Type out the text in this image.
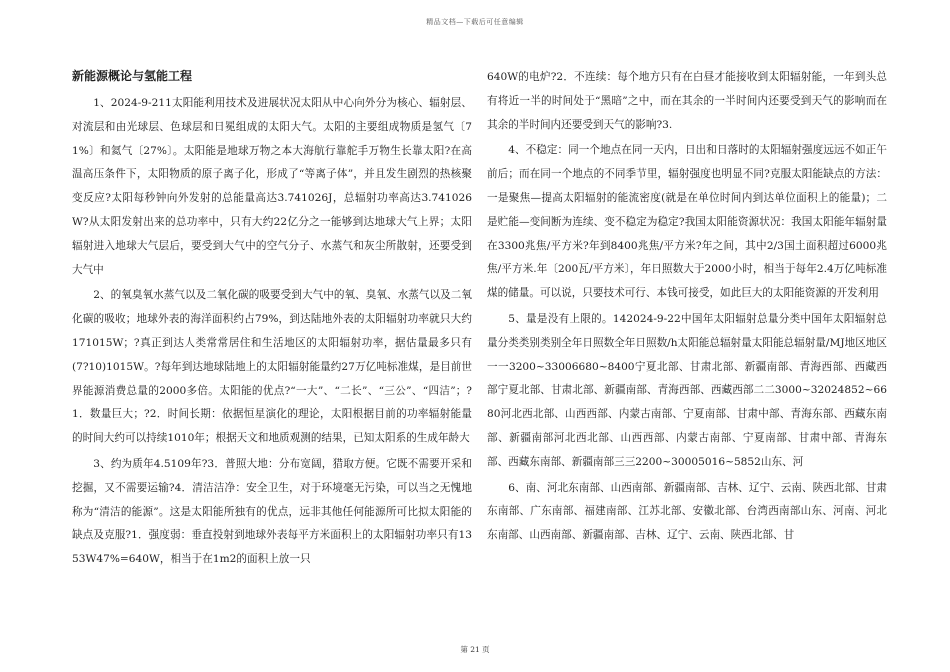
精品文档—下载后可任意编辑
新能源概论与氢能工程

1、2024-9-211太阳能利用技术及进展状况太阳从中心向外分为核心、辐射层、对流层和由光球层、色球层和日冕组成的太阳大气。太阳的主要组成物质是氢气〔71%〕和氦气〔27%〕。太阳能是地球万物之本大海航行靠舵手万物生长靠太阳?在高温高压条件下，太阳物质的原子离子化，形成了“等离子体”，并且发生剧烈的热核聚变反应?太阳每秒钟向外发射的总能量高达3.741026J，总辐射功率高达3.741026W?从太阳发射出来的总功率中，只有大约22亿分之一能够到达地球大气上界；太阳辐射进入地球大气层后，要受到大气中的空气分子、水蒸气和灰尘所散射，还要受到大气中

2、的氧臭氧水蒸气以及二氧化碳的吸要受到大气中的氧、臭氧、水蒸气以及二氧化碳的吸收；地球外表的海洋面积约占79%，到达陆地外表的太阳辐射功率就只大约171015W；?真正到达人类常常居住和生活地区的太阳辐射功率，据估量最多只有(7?10)1015W。?每年到达地球陆地上的太阳辐射能量约27万亿吨标准煤，是目前世界能源消费总量的2000多倍。太阳能的优点?“一大”、“二长”、“三公”、“四洁”；?1．数量巨大；?2．时间长期：依据恒星演化的理论，太阳根据目前的功率辐射能量的时间大约可以持续1010年；根据天文和地质观测的结果，已知太阳系的生成年龄大

3、约为质年4.5109年?3．普照大地：分布宽阔，猎取方便。它既不需要开采和挖掘，又不需要运输?4．清洁洁净：安全卫生，对于环境毫无污染，可以当之无愧地称为“清洁的能源”。这是太阳能所独有的优点，远非其他任何能源所可比拟太阳能的缺点及克服?1．强度弱：垂直投射到地球外表每平方米面积上的太阳辐射功率只有1353W47%=640W，相当于在1m2的面积上放一只

640W的电炉?2．不连续：每个地方只有在白昼才能接收到太阳辐射能，一年到头总有将近一半的时间处于“黑暗”之中，而在其余的一半时间内还要受到天气的影响而在其余的半时间内还要受到天气的影响?3.

4、不稳定：同一个地点在同一天内，日出和日落时的太阳辐射强度远远不如正午前后；而在同一个地点的不同季节里，辐射强度也明显不同?克服太阳能缺点的方法：一是聚焦—提高太阳辐射的能流密度(就是在单位时间内到达单位面积上的能量)；二是贮能—变间断为连续、变不稳定为稳定?我国太阳能资源状况：我国太阳能年辐射量在3300兆焦/平方米?年到8400兆焦/平方米?年之间，其中2/3国土面积超过6000兆焦/平方米.年〔200瓦/平方米〕，年日照数大于2000小时，相当于每年2.4万亿吨标准煤的储量。可以说，只要技术可行、本钱可接受，如此巨大的太阳能资源的开发利用

5、量是没有上限的。142024-9-22中国年太阳辐射总量分类中国年太阳辐射总量分类类别类别全年日照数全年日照数/h太阳能总辐射量太阳能总辐射量/MJ地区地区一一3200~33006680~8400宁夏北部、甘肃北部、新疆南部、青海西部、西藏西部宁夏北部、甘肃北部、新疆南部、青海西部、西藏西部二二3000~32024852~6680河北西北部、山西西部、内蒙古南部、宁夏南部、甘肃中部、青海东部、西藏东南部、新疆南部河北西北部、山西西部、内蒙古南部、宁夏南部、甘肃中部、青海东部、西藏东南部、新疆南部三三2200~30005016~5852山东、河

6、南、河北东南部、山西南部、新疆南部、吉林、辽宁、云南、陕西北部、甘肃东南部、广东南部、福建南部、江苏北部、安徽北部、台湾西南部山东、河南、河北东南部、山西南部、新疆南部、吉林、辽宁、云南、陕西北部、甘

第 21 页
